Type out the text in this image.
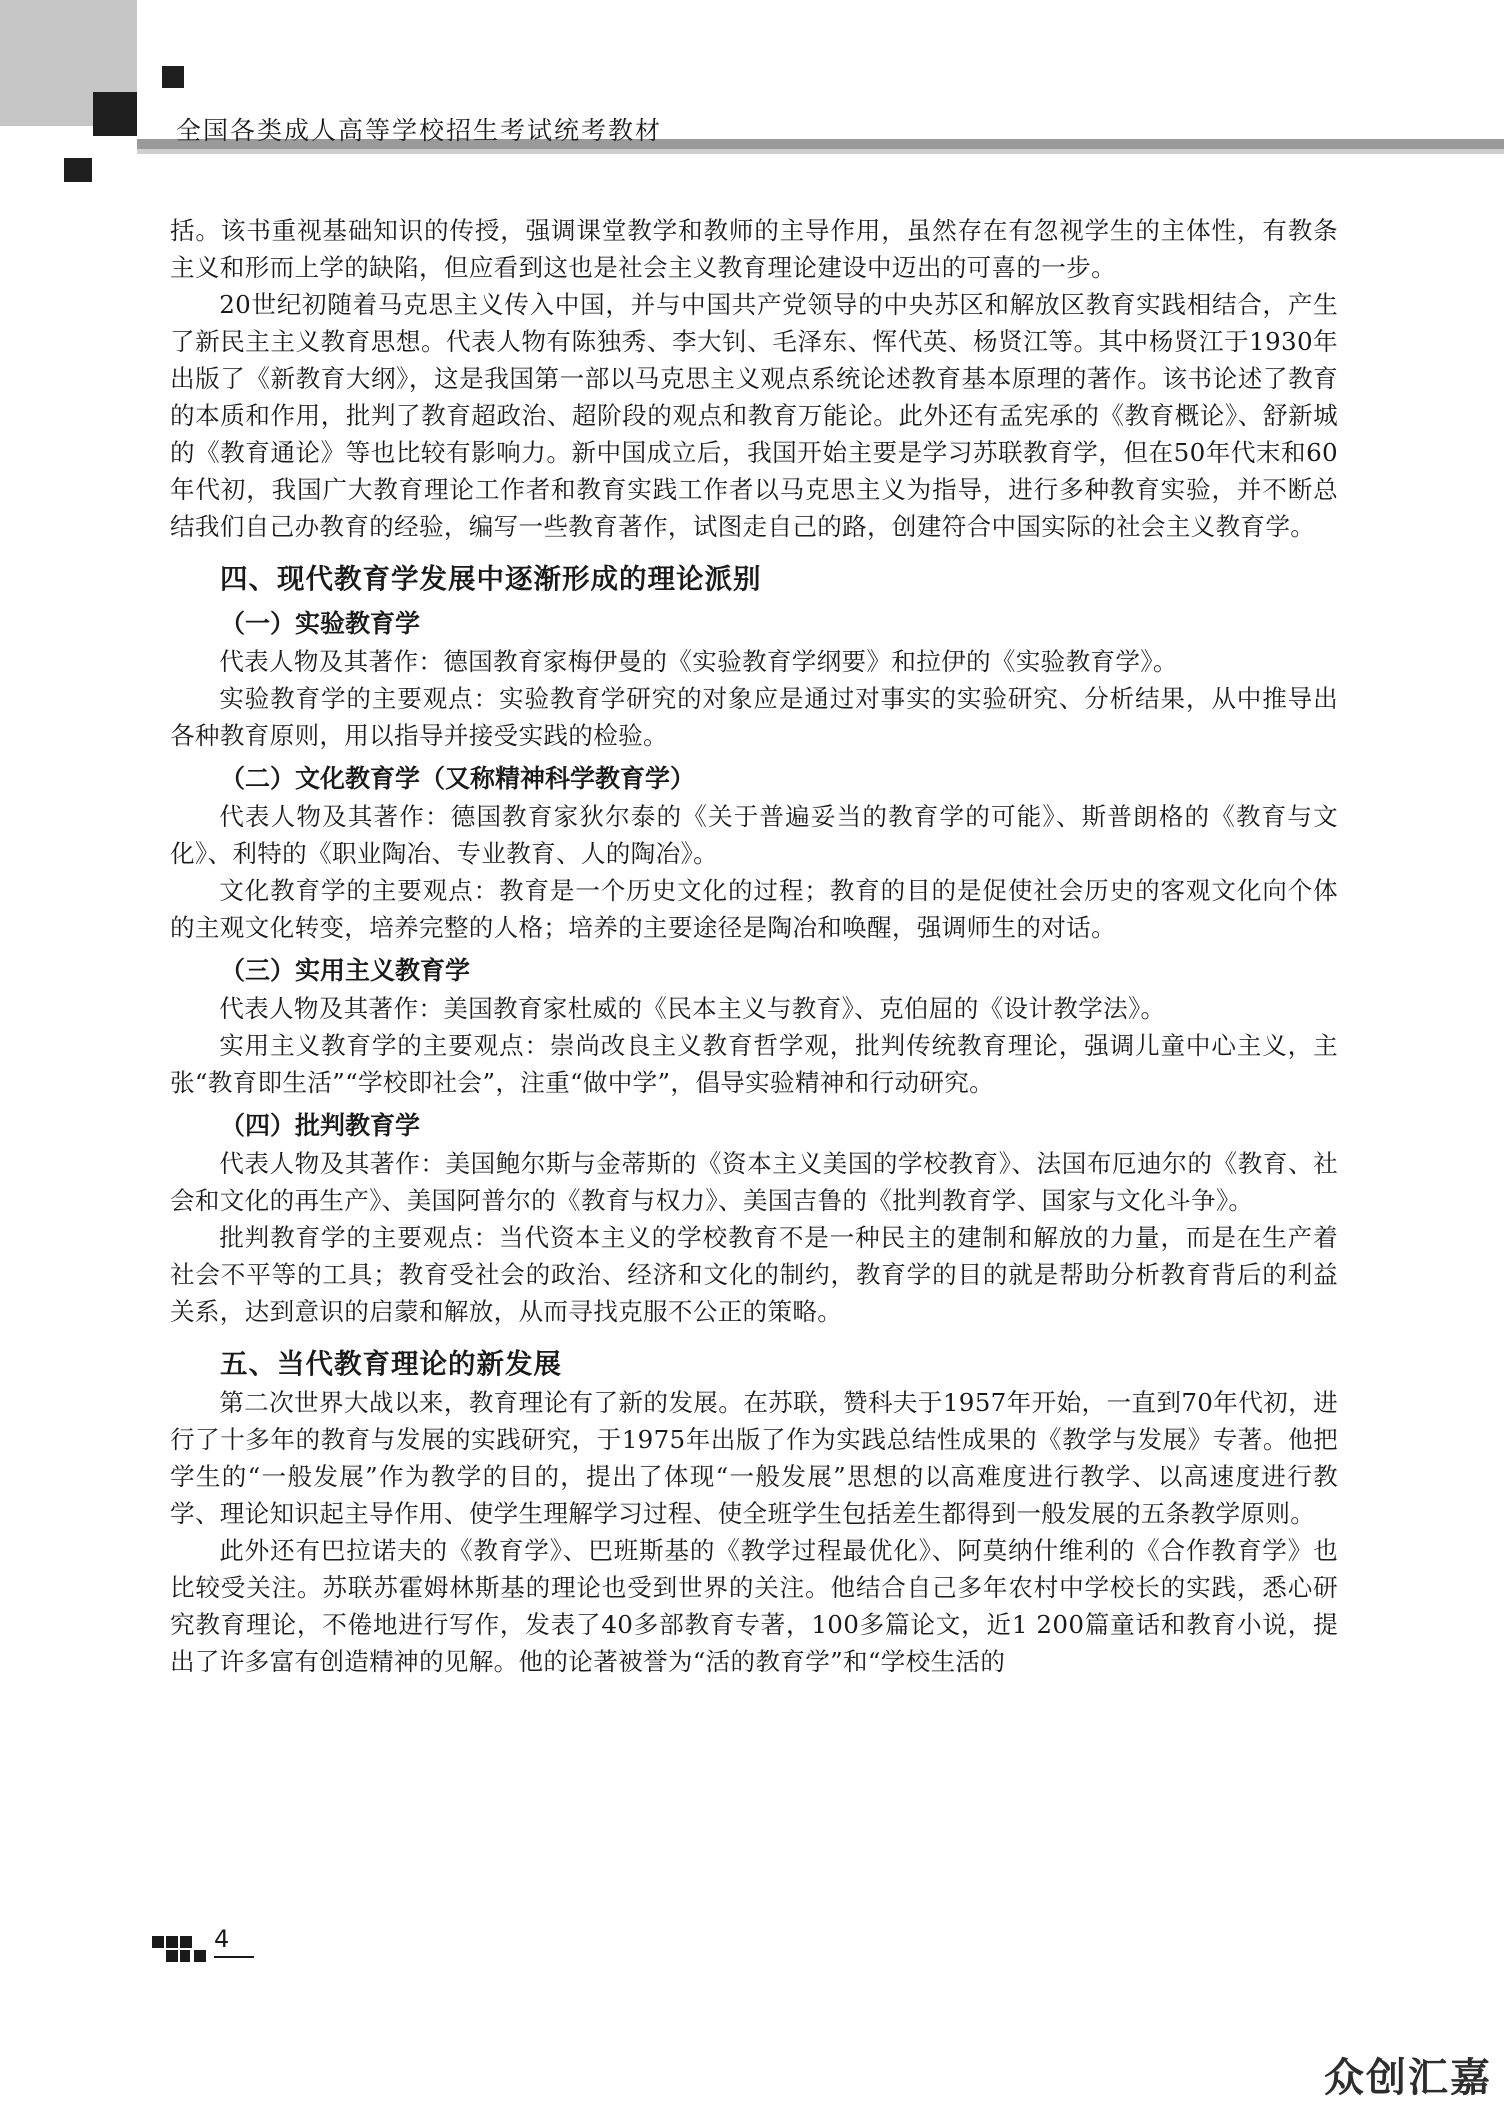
全国各类成人高等学校招生考试统考教材

括。该书重视基础知识的传授，强调课堂教学和教师的主导作用，虽然存在有忽视学生的主体性，有教条主义和形而上学的缺陷，但应看到这也是社会主义教育理论建设中迈出的可喜的一步。

20世纪初随着马克思主义传入中国，并与中国共产党领导的中央苏区和解放区教育实践相结合，产生了新民主主义教育思想。代表人物有陈独秀、李大钊、毛泽东、恽代英、杨贤江等。其中杨贤江于1930年出版了《新教育大纲》，这是我国第一部以马克思主义观点系统论述教育基本原理的著作。该书论述了教育的本质和作用，批判了教育超政治、超阶段的观点和教育万能论。此外还有孟宪承的《教育概论》、舒新城的《教育通论》等也比较有影响力。新中国成立后，我国开始主要是学习苏联教育学，但在50年代末和60年代初，我国广大教育理论工作者和教育实践工作者以马克思主义为指导，进行多种教育实验，并不断总结我们自己办教育的经验，编写一些教育著作，试图走自己的路，创建符合中国实际的社会主义教育学。

四、现代教育学发展中逐渐形成的理论派别
（一）实验教育学

代表人物及其著作：德国教育家梅伊曼的《实验教育学纲要》和拉伊的《实验教育学》。

实验教育学的主要观点：实验教育学研究的对象应是通过对事实的实验研究、分析结果，从中推导出各种教育原则，用以指导并接受实践的检验。

（二）文化教育学（又称精神科学教育学）

代表人物及其著作：德国教育家狄尔泰的《关于普遍妥当的教育学的可能》、斯普朗格的《教育与文化》、利特的《职业陶冶、专业教育、人的陶冶》。

文化教育学的主要观点：教育是一个历史文化的过程；教育的目的是促使社会历史的客观文化向个体的主观文化转变，培养完整的人格；培养的主要途径是陶冶和唤醒，强调师生的对话。

（三）实用主义教育学

代表人物及其著作：美国教育家杜威的《民本主义与教育》、克伯屈的《设计教学法》。

实用主义教育学的主要观点：崇尚改良主义教育哲学观，批判传统教育理论，强调儿童中心主义，主张“教育即生活”“学校即社会”，注重“做中学”，倡导实验精神和行动研究。

（四）批判教育学

代表人物及其著作：美国鲍尔斯与金蒂斯的《资本主义美国的学校教育》、法国布厄迪尔的《教育、社会和文化的再生产》、美国阿普尔的《教育与权力》、美国吉鲁的《批判教育学、国家与文化斗争》。

批判教育学的主要观点：当代资本主义的学校教育不是一种民主的建制和解放的力量，而是在生产着社会不平等的工具；教育受社会的政治、经济和文化的制约，教育学的目的就是帮助分析教育背后的利益关系，达到意识的启蒙和解放，从而寻找克服不公正的策略。

五、当代教育理论的新发展

第二次世界大战以来，教育理论有了新的发展。在苏联，赞科夫于1957年开始，一直到70年代初，进行了十多年的教育与发展的实践研究，于1975年出版了作为实践总结性成果的《教学与发展》专著。他把学生的“一般发展”作为教学的目的，提出了体现“一般发展”思想的以高难度进行教学、以高速度进行教学、理论知识起主导作用、使学生理解学习过程、使全班学生包括差生都得到一般发展的五条教学原则。

此外还有巴拉诺夫的《教育学》、巴班斯基的《教学过程最优化》、阿莫纳什维利的《合作教育学》也比较受关注。苏联苏霍姆林斯基的理论也受到世界的关注。他结合自己多年农村中学校长的实践，悉心研究教育理论，不倦地进行写作，发表了40多部教育专著，100多篇论文，近1 200篇童话和教育小说，提出了许多富有创造精神的见解。他的论著被誉为“活的教育学”和“学校生活的

4

众创汇嘉
